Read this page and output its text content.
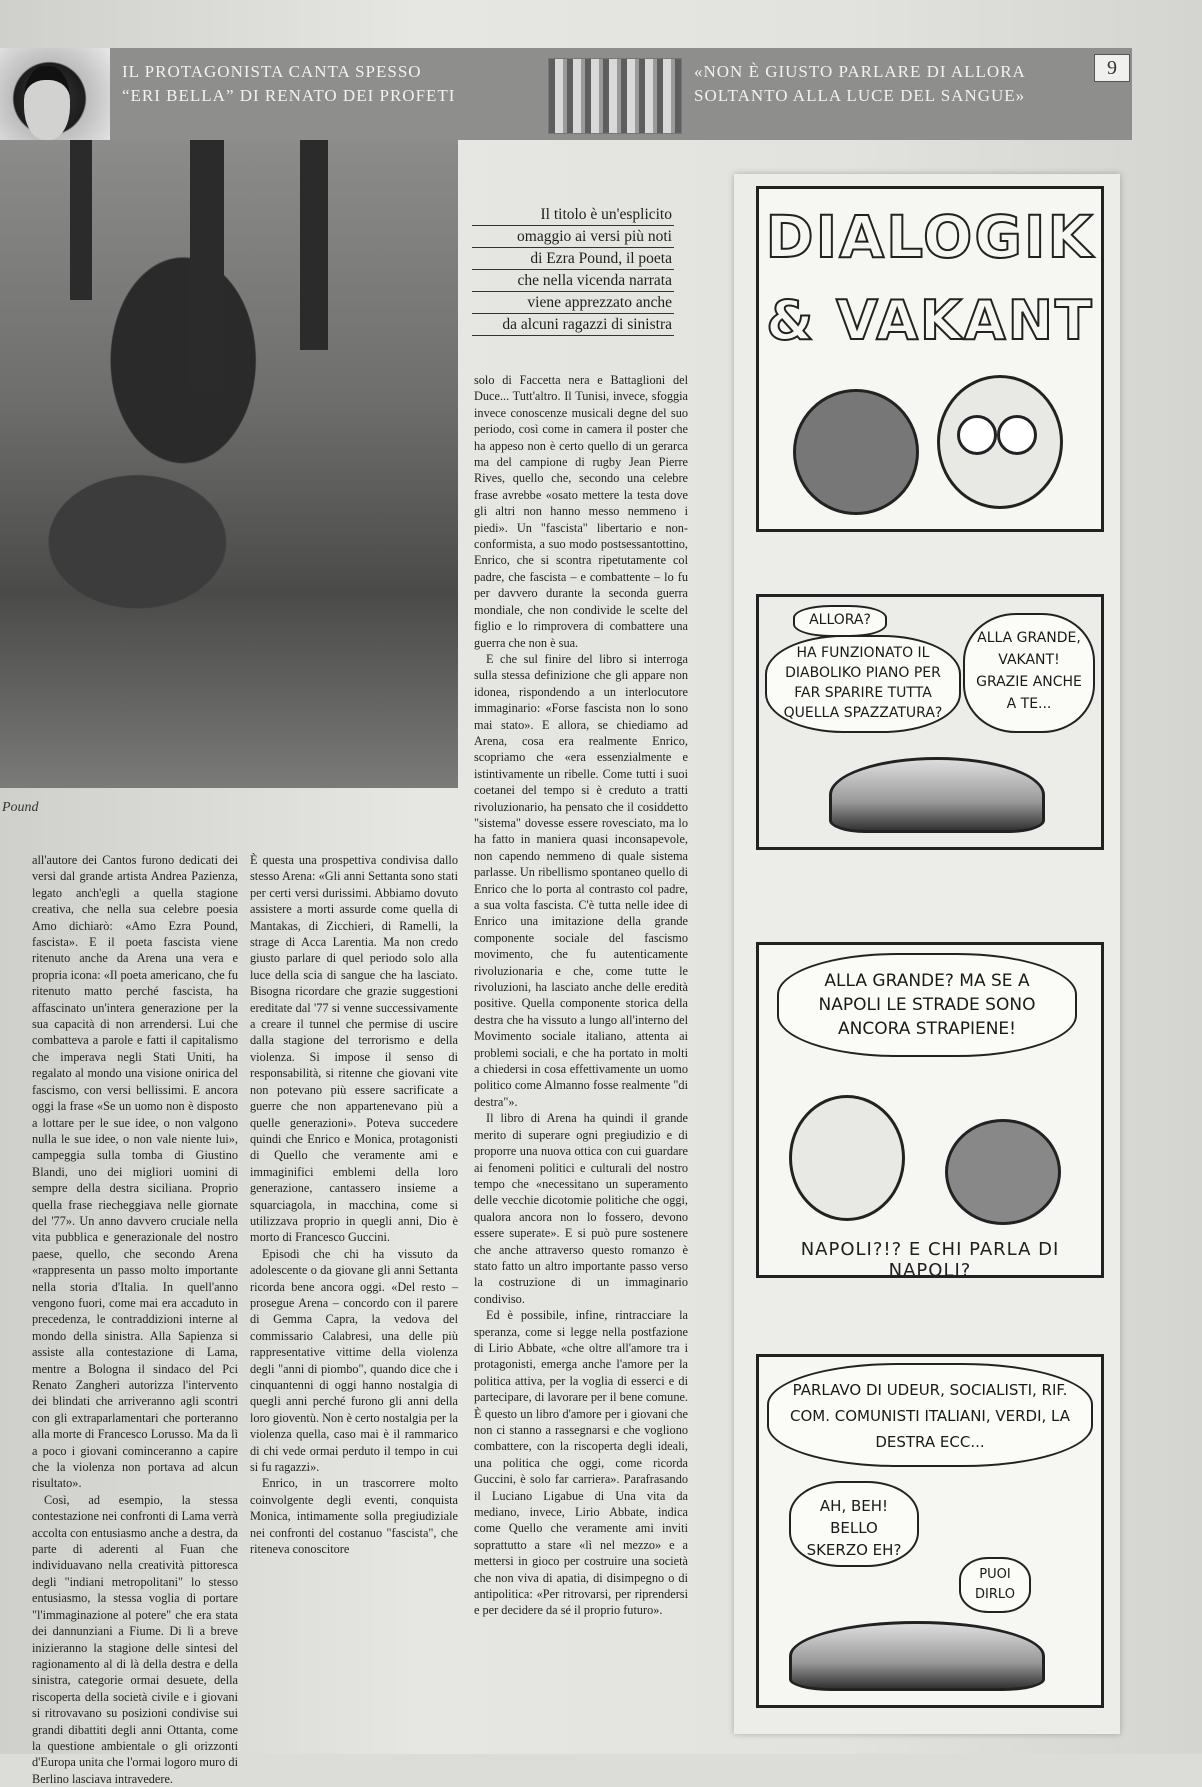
IL PROTAGONISTA CANTA SPESSO
“ERI BELLA” DI RENATO DEI PROFETI
«NON È GIUSTO PARLARE DI ALLORA
SOLTANTO ALLA LUCE DEL SANGUE»
9
Pound
Il titolo è un'esplicito
omaggio ai versi più noti
di Ezra Pound, il poeta
che nella vicenda narrata
viene apprezzato anche
da alcuni ragazzi di sinistra

all'autore dei Cantos furono dedicati dei versi dal grande artista Andrea Pazienza, legato anch'egli a quella stagione creativa, che nella sua celebre poesia Amo dichiarò: «Amo Ezra Pound, fascista». E il poeta fascista viene ritenuto anche da Arena una vera e propria icona: «Il poeta americano, che fu ritenuto matto perché fascista, ha affascinato un'intera generazione per la sua capacità di non arrendersi. Lui che combatteva a parole e fatti il capitalismo che imperava negli Stati Uniti, ha regalato al mondo una visione onirica del fascismo, con versi bellissimi. E ancora oggi la frase «Se un uomo non è disposto a lottare per le sue idee, o non valgono nulla le sue idee, o non vale niente lui», campeggia sulla tomba di Giustino Blandi, uno dei migliori uomini di sempre della destra siciliana. Proprio quella frase riecheggiava nelle giornate del '77». Un anno davvero cruciale nella vita pubblica e generazionale del nostro paese, quello, che secondo Arena «rappresenta un passo molto importante nella storia d'Italia. In quell'anno vengono fuori, come mai era accaduto in precedenza, le contraddizioni interne al mondo della sinistra. Alla Sapienza si assiste alla contestazione di Lama, mentre a Bologna il sindaco del Pci Renato Zangheri autorizza l'intervento dei blindati che arriveranno agli scontri con gli extraparlamentari che porteranno alla morte di Francesco Lorusso. Ma da lì a poco i giovani cominceranno a capire che la violenza non portava ad alcun risultato».

Così, ad esempio, la stessa contestazione nei confronti di Lama verrà accolta con entusiasmo anche a destra, da parte di aderenti al Fuan che individuavano nella creatività pittoresca degli "indiani metropolitani" lo stesso entusiasmo, la stessa voglia di portare "l'immaginazione al potere" che era stata dei dannunziani a Fiume. Di lì a breve inizieranno la stagione delle sintesi del ragionamento al di là della destra e della sinistra, categorie ormai desuete, della riscoperta della società civile e i giovani si ritrovavano su posizioni condivise sui grandi dibattiti degli anni Ottanta, come la questione ambientale o gli orizzonti d'Europa unita che l'ormai logoro muro di Berlino lasciava intravedere.

È questa una prospettiva condivisa dallo stesso Arena: «Gli anni Settanta sono stati per certi versi durissimi. Abbiamo dovuto assistere a morti assurde come quella di Mantakas, di Zicchieri, di Ramelli, la strage di Acca Larentia. Ma non credo giusto parlare di quel periodo solo alla luce della scia di sangue che ha lasciato. Bisogna ricordare che grazie suggestioni ereditate dal '77 si venne successivamente a creare il tunnel che permise di uscire dalla stagione del terrorismo e della violenza. Si impose il senso di responsabilità, si ritenne che giovani vite non potevano più essere sacrificate a guerre che non appartenevano più a quelle generazioni». Poteva succedere quindi che Enrico e Monica, protagonisti di Quello che veramente ami e immaginifici emblemi della loro generazione, cantassero insieme a squarciagola, in macchina, come si utilizzava proprio in quegli anni, Dio è morto di Francesco Guccini.

Episodi che chi ha vissuto da adolescente o da giovane gli anni Settanta ricorda bene ancora oggi. «Del resto – prosegue Arena – concordo con il parere di Gemma Capra, la vedova del commissario Calabresi, una delle più rappresentative vittime della violenza degli "anni di piombo", quando dice che i cinquantenni di oggi hanno nostalgia di quegli anni perché furono gli anni della loro gioventù. Non è certo nostalgia per la violenza quella, caso mai è il rammarico di chi vede ormai perduto il tempo in cui si fu ragazzi».

Enrico, in un trascorrere molto coinvolgente degli eventi, conquista Monica, intimamente solla pregiudiziale nei confronti del costanuo "fascista", che riteneva conoscitore

solo di Faccetta nera e Battaglioni del Duce... Tutt'altro. Il Tunisi, invece, sfoggia invece conoscenze musicali degne del suo periodo, così come in camera il poster che ha appeso non è certo quello di un gerarca ma del campione di rugby Jean Pierre Rives, quello che, secondo una celebre frase avrebbe «osato mettere la testa dove gli altri non hanno messo nemmeno i piedi». Un "fascista" libertario e non-conformista, a suo modo postsessantottino, Enrico, che si scontra ripetutamente col padre, che fascista – e combattente – lo fu per davvero durante la seconda guerra mondiale, che non condivide le scelte del figlio e lo rimprovera di combattere una guerra che non è sua.

E che sul finire del libro si interroga sulla stessa definizione che gli appare non idonea, rispondendo a un interlocutore immaginario: «Forse fascista non lo sono mai stato». E allora, se chiediamo ad Arena, cosa era realmente Enrico, scopriamo che «era essenzialmente e istintivamente un ribelle. Come tutti i suoi coetanei del tempo si è creduto a tratti rivoluzionario, ha pensato che il cosiddetto "sistema" dovesse essere rovesciato, ma lo ha fatto in maniera quasi inconsapevole, non capendo nemmeno di quale sistema parlasse. Un ribellismo spontaneo quello di Enrico che lo porta al contrasto col padre, a sua volta fascista. C'è tutta nelle idee di Enrico una imitazione della grande componente sociale del fascismo movimento, che fu autenticamente rivoluzionaria e che, come tutte le rivoluzioni, ha lasciato anche delle eredità positive. Quella componente storica della destra che ha vissuto a lungo all'interno del Movimento sociale italiano, attenta ai problemi sociali, e che ha portato in molti a chiedersi in cosa effettivamente un uomo politico come Almanno fosse realmente "di destra"».

Il libro di Arena ha quindi il grande merito di superare ogni pregiudizio e di proporre una nuova ottica con cui guardare ai fenomeni politici e culturali del nostro tempo che «necessitano un superamento delle vecchie dicotomie politiche che oggi, qualora ancora non lo fossero, devono essere superate». E si può pure sostenere che anche attraverso questo romanzo è stato fatto un altro importante passo verso la costruzione di un immaginario condiviso.

Ed è possibile, infine, rintracciare la speranza, come si legge nella postfazione di Lirio Abbate, «che oltre all'amore tra i protagonisti, emerga anche l'amore per la politica attiva, per la voglia di esserci e di partecipare, di lavorare per il bene comune. È questo un libro d'amore per i giovani che non ci stanno a rassegnarsi e che vogliono combattere, con la riscoperta degli ideali, una politica che oggi, come ricorda Guccini, è solo far carriera». Parafrasando il Luciano Ligabue di Una vita da mediano, invece, Lirio Abbate, indica come Quello che veramente ami inviti soprattutto a stare «lì nel mezzo» e a mettersi in gioco per costruire una società che non viva di apatia, di disimpegno o di antipolitica: «Per ritrovarsi, per riprendersi e per decidere da sé il proprio futuro».

DIALOGIK
& VAKANT
ALLORA?
HA FUNZIONATO IL DIABOLIKO PIANO PER FAR SPARIRE TUTTA QUELLA SPAZZATURA?
ALLA GRANDE, VAKANT! GRAZIE ANCHE A TE...
ALLA GRANDE? MA SE A NAPOLI LE STRADE SONO ANCORA STRAPIENE!
NAPOLI?!? E CHI PARLA DI NAPOLI?
PARLAVO DI UDEUR, SOCIALISTI, RIF. COM. COMUNISTI ITALIANI, VERDI, LA DESTRA ECC...
AH, BEH! BELLO SKERZO EH?
PUOI DIRLO
